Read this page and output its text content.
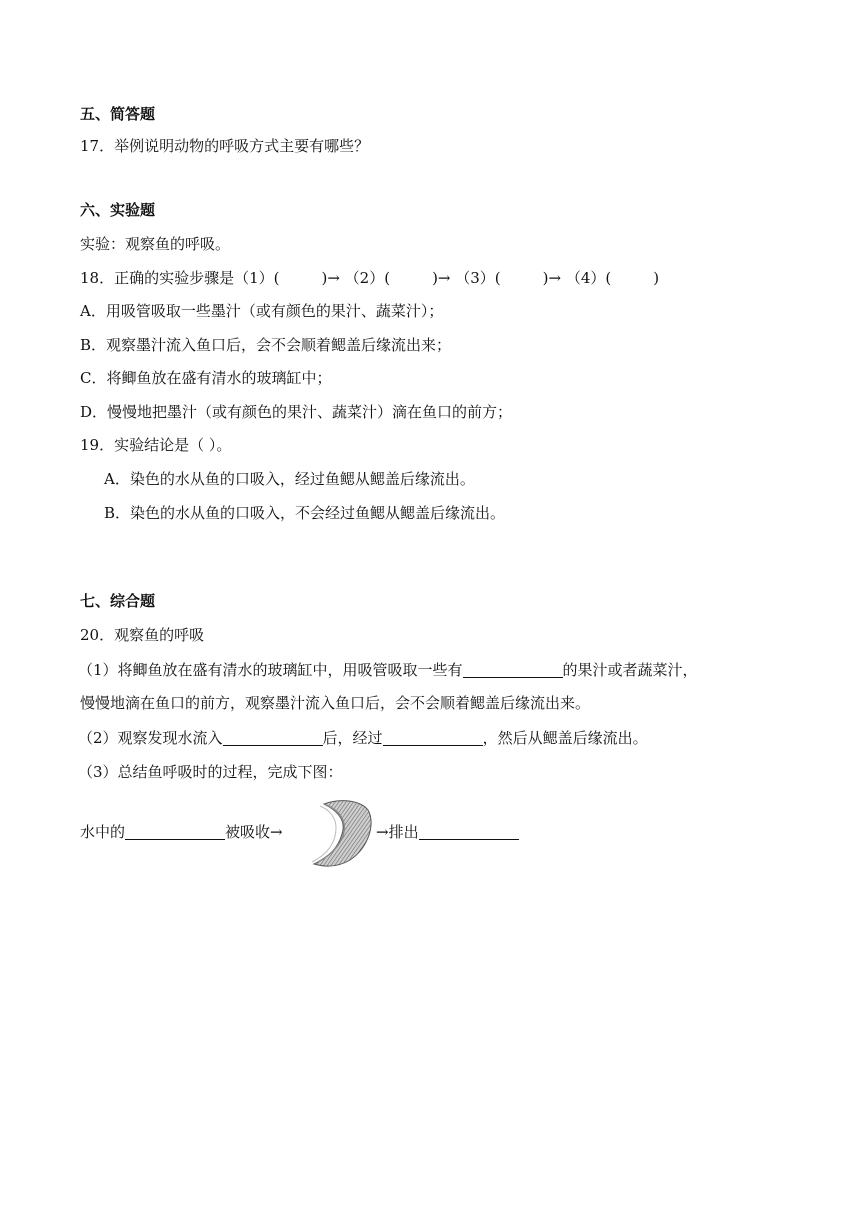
五、简答题
17．举例说明动物的呼吸方式主要有哪些？
六、实验题
实验：观察鱼的呼吸。
18．正确的实验步骤是（1）(	)→ （2）(	)→ （3）(	)→ （4）(	)
A．用吸管吸取一些墨汁（或有颜色的果汁、蔬菜汁）；
B．观察墨汁流入鱼口后，会不会顺着鳃盖后缘流出来；
C．将鲫鱼放在盛有清水的玻璃缸中；
D．慢慢地把墨汁（或有颜色的果汁、蔬菜汁）滴在鱼口的前方；
19．实验结论是（ ）。
A．染色的水从鱼的口吸入，经过鱼鳃从鳃盖后缘流出。
B．染色的水从鱼的口吸入，不会经过鱼鳃从鳃盖后缘流出。
七、综合题
20．观察鱼的呼吸
（1）将鲫鱼放在盛有清水的玻璃缸中，用吸管吸取一些有	的果汁或者蔬菜汁，
慢慢地滴在鱼口的前方，观察墨汁流入鱼口后，会不会顺着鳃盖后缘流出来。
（2）观察发现水流入	后，经过	，然后从鳃盖后缘流出。
（3）总结鱼呼吸时的过程，完成下图：
水中的	被吸收→	→排出
